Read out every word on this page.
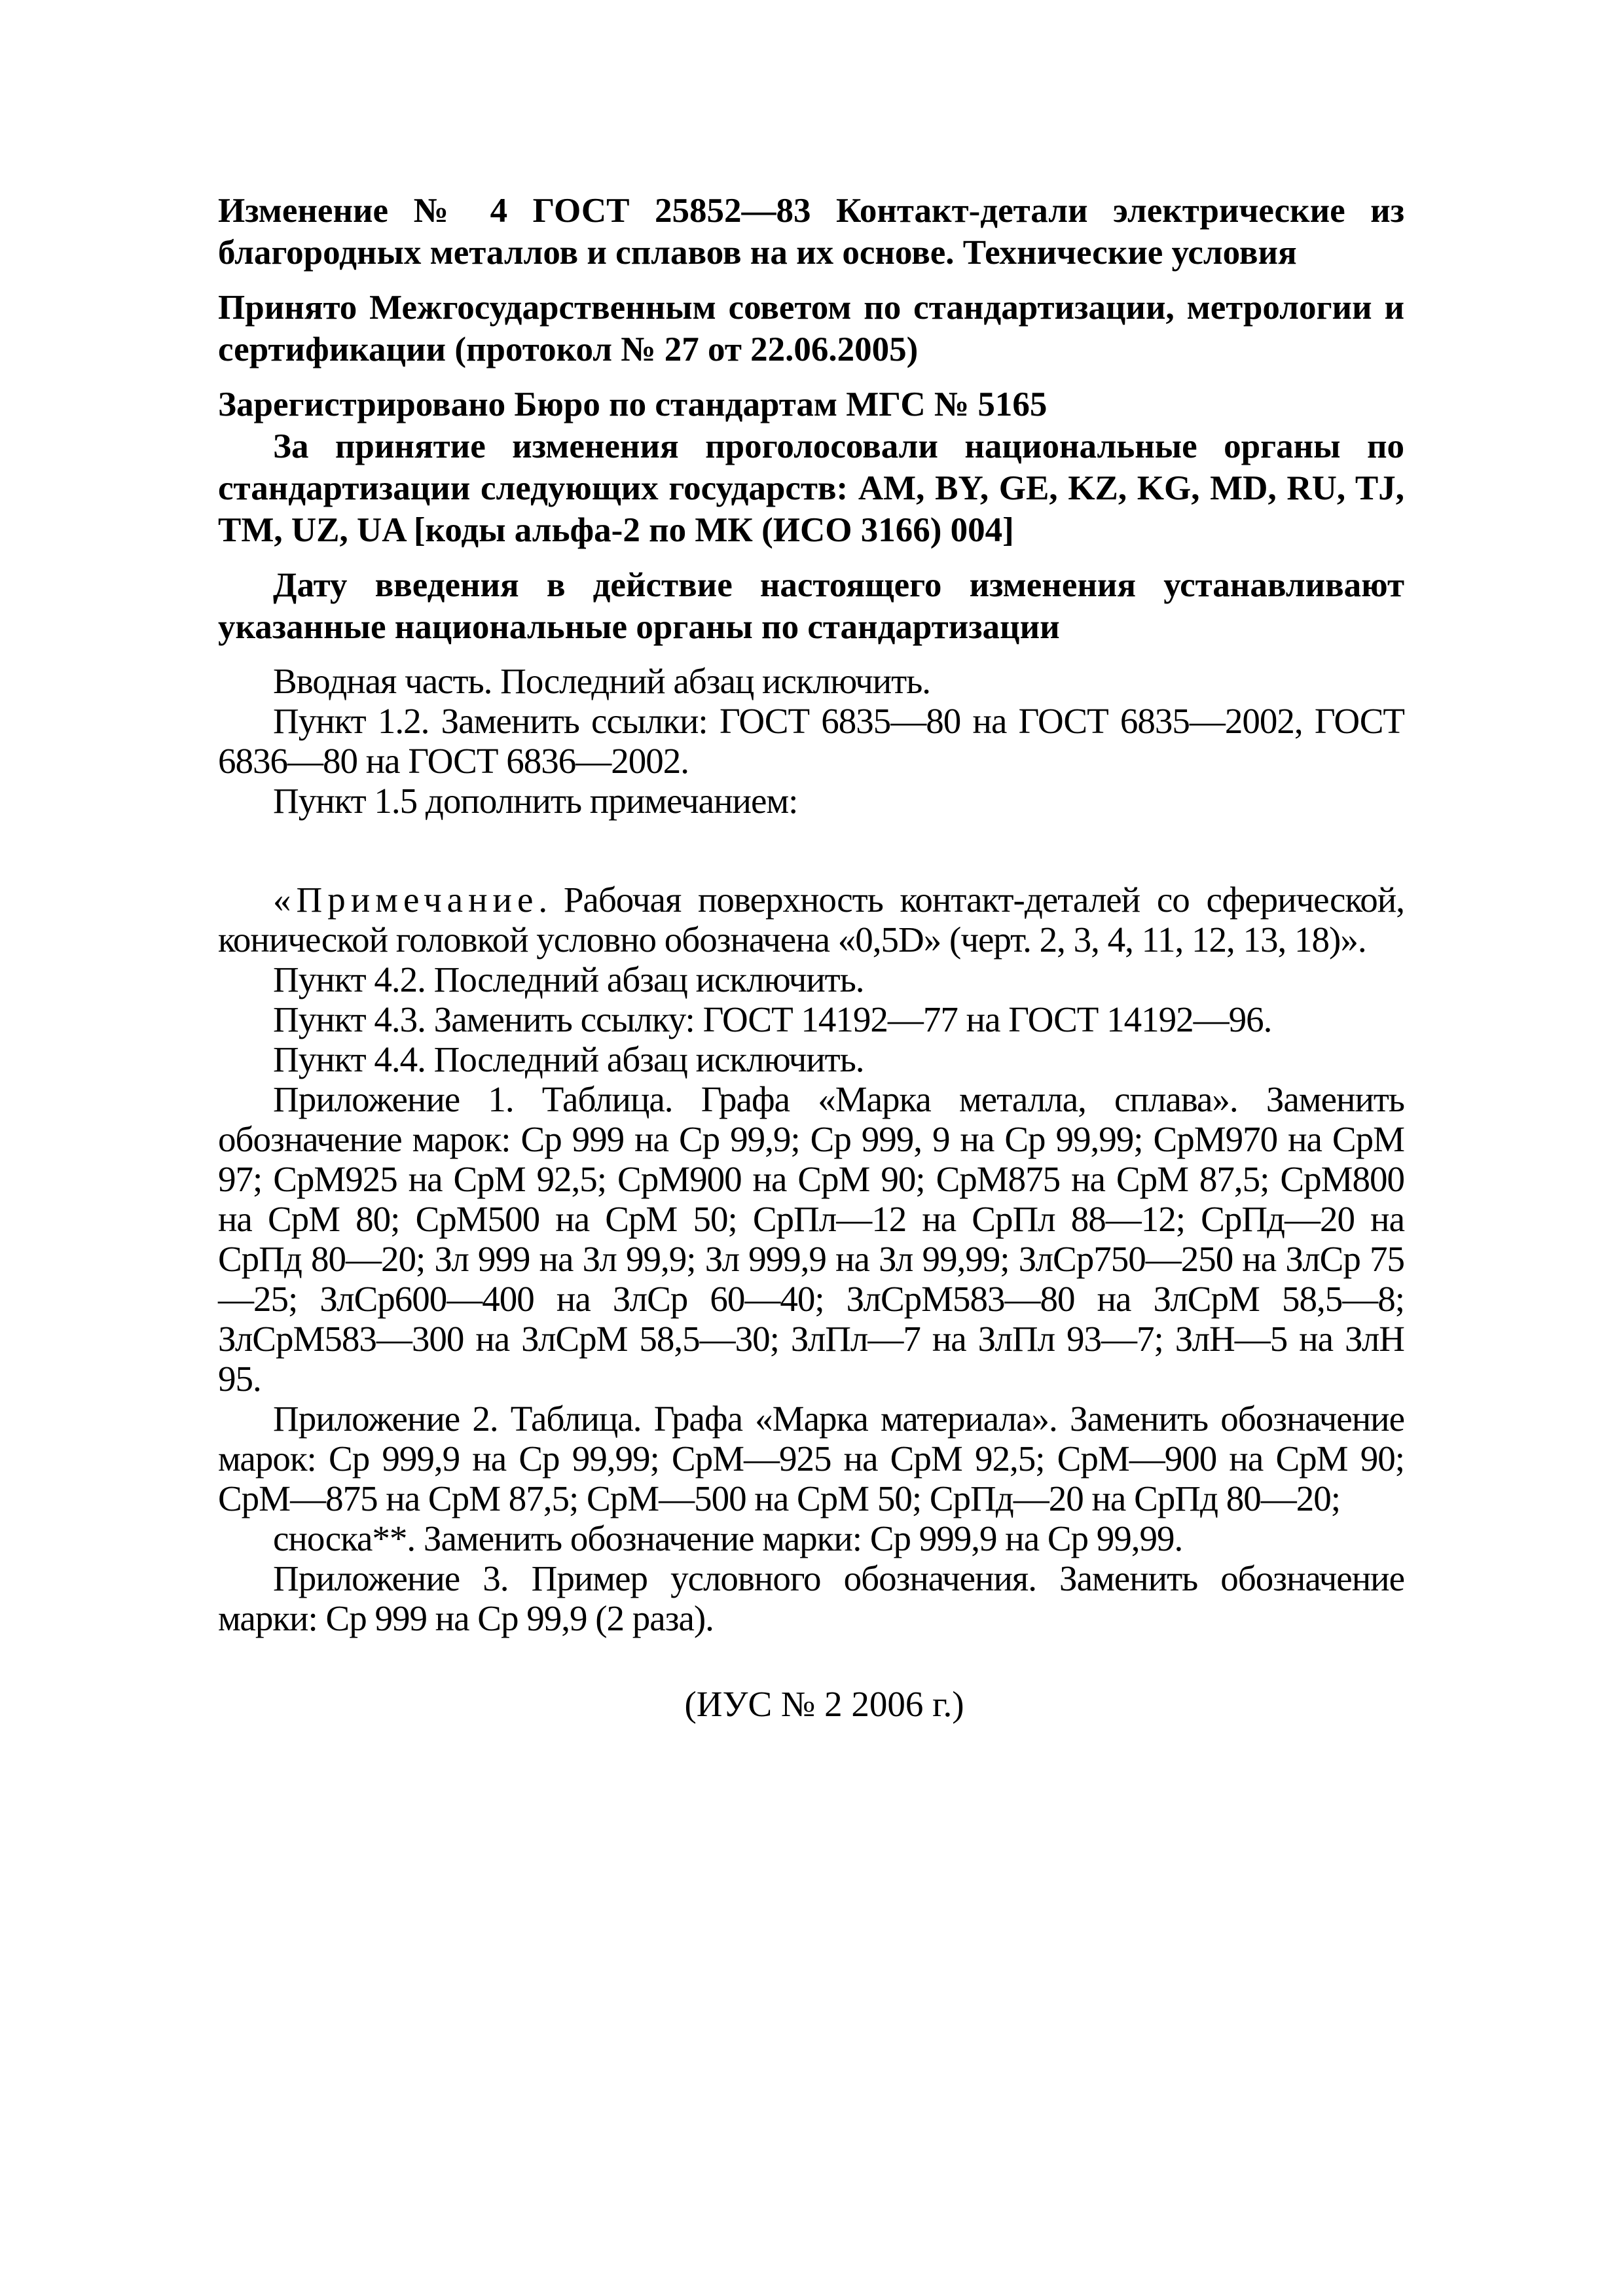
Изменение № 4 ГОСТ 25852—83 Контакт-детали электрические из благородных металлов и сплавов на их основе. Технические условия

Принято Межгосударственным советом по стандартизации, метрологии и сертификации (протокол № 27 от 22.06.2005)

Зарегистрировано Бюро по стандартам МГС № 5165

За принятие изменения проголосовали национальные органы по стандартизации следующих государств: AM, BY, GE, KZ, KG, MD, RU, TJ, TM, UZ, UA [коды альфа-2 по МК (ИСО 3166) 004]

Дату введения в действие настоящего изменения устанавливают указанные национальные органы по стандартизации

Вводная часть. Последний абзац исключить.

Пункт 1.2. Заменить ссылки: ГОСТ 6835—80 на ГОСТ 6835—2002, ГОСТ 6836—80 на ГОСТ 6836—2002.

Пункт 1.5 дополнить примечанием:

«Примечание. Рабочая поверхность контакт-деталей со сферической, конической головкой условно обозначена «0,5D» (черт. 2, 3, 4, 11, 12, 13, 18)».

Пункт 4.2. Последний абзац исключить.

Пункт 4.3. Заменить ссылку: ГОСТ 14192—77 на ГОСТ 14192—96.

Пункт 4.4. Последний абзац исключить.

Приложение 1. Таблица. Графа «Марка металла, сплава». Заменить обозначение марок: Ср 999 на Ср 99,9; Ср 999, 9 на Ср 99,99; СрМ970 на СрМ 97; СрМ925 на СрМ 92,5; СрМ900 на СрМ 90; СрМ875 на СрМ 87,5; СрМ800 на СрМ 80; СрМ500 на СрМ 50; СрПл—12 на СрПл 88—12; СрПд—20 на СрПд 80—20; Зл 999 на Зл 99,9; Зл 999,9 на Зл 99,99; ЗлСр750—250 на ЗлСр 75—25; ЗлСр600—400 на ЗлСр 60—40; ЗлСрМ583—80 на ЗлСрМ 58,5—8; ЗлСрМ583—300 на ЗлСрМ 58,5—30; ЗлПл—7 на ЗлПл 93—7; ЗлН—5 на ЗлН 95.

Приложение 2. Таблица. Графа «Марка материала». Заменить обозначение марок: Ср 999,9 на Ср 99,99; СрМ—925 на СрМ 92,5; СрМ—900 на СрМ 90; СрМ—875 на СрМ 87,5; СрМ—500 на СрМ 50; СрПд—20 на СрПд 80—20;

сноска**. Заменить обозначение марки: Ср 999,9 на Ср 99,99.

Приложение 3. Пример условного обозначения. Заменить обозначение марки: Ср 999 на Ср 99,9 (2 раза).

(ИУС № 2 2006 г.)
